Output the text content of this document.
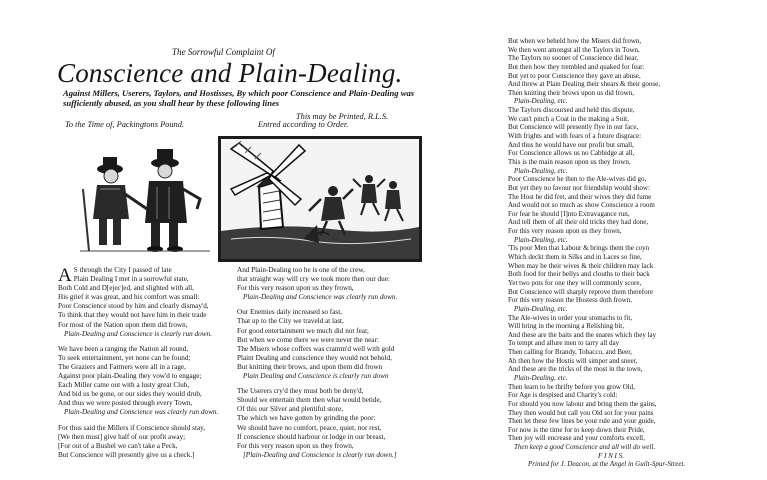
The Sorrowful Complaint Of
Conscience and Plain-Dealing.
Against Millers, Userers, Taylors, and Hostisses, By which poor Conscience and Plain-Dealing was sufficiently abused, as you shall hear by these following lines
This may be Printed, R.L.S.
To the Time of, Packingtons Pound.	Entred according to Order.
A S through the City I passed of late
Plain Dealing I met in a sorrowful state,
Both Cold and D[ejec]ed, and slighted with all,
His grief it was great, and his comfort was small:
Poor Conscience stood by him and clearly dismay'd,
To think that they would not have him in their trade
For most of the Nation upon them did frown,
Plain-Dealing and Conscience is clearly run down.
We have been a ranging the Nation all round,
To seek entertainment, yet none can be found;
The Graziers and Farmers were all in a rage,
Against poor plain-Dealing they vow'd to engage;
Each Miller came out with a lusty great Club,
And bid us be gone, or our sides they would drub,
And thus we were posted through every Town,
Plain-Dealing and Conscience was clearly run down.
For thus said the Millers if Conscience should stay,
[We then must] give half of our profit away;
[For out of a Bushel we can't take a Peck,
But Conscience will presently give us a check.]
And Plain-Dealing too he is one of the crew,
that straight way will cry we took more then our due:
For this very reason upon us they frown,
Plain-Dealing and Conscience was clearly run down.
Our Enemies daily increased so fast,
That up to the City we traveld at last,
For good entertainment we much did not fear,
But when we come there we were never the near:
The Misers whose coffers was cramm'd well with gold
Plaint Dealing and conscience they would not behold,
But knitting their brows, and upon them did frown
Plain Dealing and Conscience is clearly run down
The Userers cry'd they must both be deny'd,
Should we entertain them then what would betide,
Of this our Silver and plentiful store,
The which we have gotten by grinding the poor:
We should have no comfort, peace, quiet, nor rest,
If conscience should harbour or lodge in our breast,
For this very reason upon us they frown,
[Plain-Dealing and Conscience is clearly run down.]
But when we beheld how the Misers did frown,
We then went amongst all the Taylors in Town,
The Taylors no sooner of Conscience did hear,
But then how they trembled and quaked for fear:
But yet to poor Conscience they gave an abuse,
And threw at Plain Dealing their shears & their goose,
Then knitting their brows upon us did frown,
Plain-Dealing, etc.
The Taylors discoursed and held this dispute,
We can't pinch a Coat in the making a Suit,
But Conscience will presently flye in our face,
With frights and with fears of a future disgrace:
And thus he would have our profit but small,
For Conscience allows us no Cabbidge at all,
This is the main reason upon us they frown,
Plain-Dealing, etc.
Poor Conscience he then to the Ale-wives did go,
But yet they no favour nor friendship would show:
The Host he did fret, and their wives they did fume
And would not so much as show Conscience a room
For fear he should [I]nto Extravagance run,
And tell them of all their old tricks they had done,
For this very reason upon us they frown,
Plain-Dealing, etc.
'Tis poor Men that Labour & brings them the coyn
Which deckt them in Silks and in Laces so fine,
When may be their wives & their children may lack
Both food for their bellys and clouths to their back
Yet two pots for one they will commonly score,
But Conscience will sharply reprove them therefore
For this very reason the Hostess doth frown,
Plain-Dealing, etc.
The Ale-wives in order your stomachs to fit,
Will bring in the morning a Relishing bit,
And these are the baits and the snares which they lay
To tempt and allure men to tarry all day
Then calling for Brandy, Tobacco, and Beer,
Ah then how the Hostis will simper and sneer,
And these are the tricks of the most in the town,
Plain-Dealing, etc.
Then learn to be thrifty before you grow Old,
For Age is despised and Charity's cold:
For should you now labour and bring them the gains,
They then would but call you Old sot for your pains
Then let these few lines be your rule and your guide,
For now is the time for to keep down their Pride,
Then joy will encrease and your comforts excell,
Then keep a good Conscience and all will do well.
F I N I S.
Printed for J. Deacon, at the Angel in Guilt-Spur-Street.
